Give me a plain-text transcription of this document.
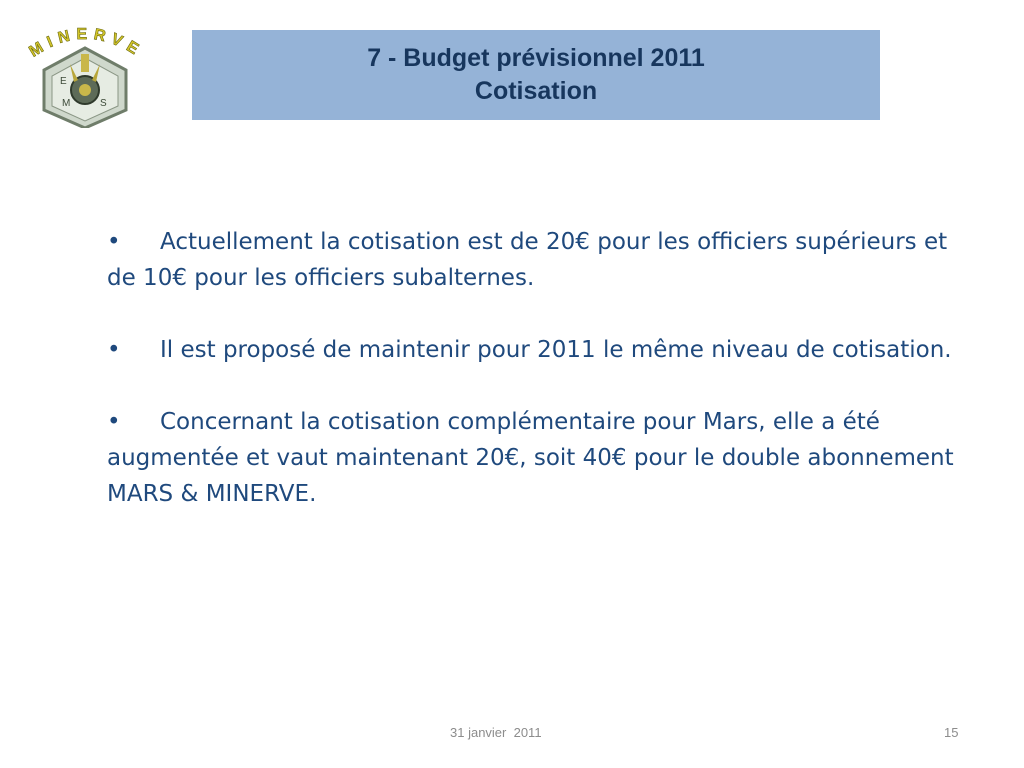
E
M	S
MINERVE	7 - Budget prévisionnel 2011
Cotisation

• Actuellement la cotisation est de 20€ pour les officiers supérieurs et de 10€ pour les officiers subalternes.

• Il est proposé de maintenir pour 2011 le même niveau de cotisation.

• Concernant la cotisation complémentaire pour Mars, elle a été augmentée et vaut maintenant 20€, soit 40€ pour le double abonnement MARS & MINERVE.

31 janvier  2011	15
